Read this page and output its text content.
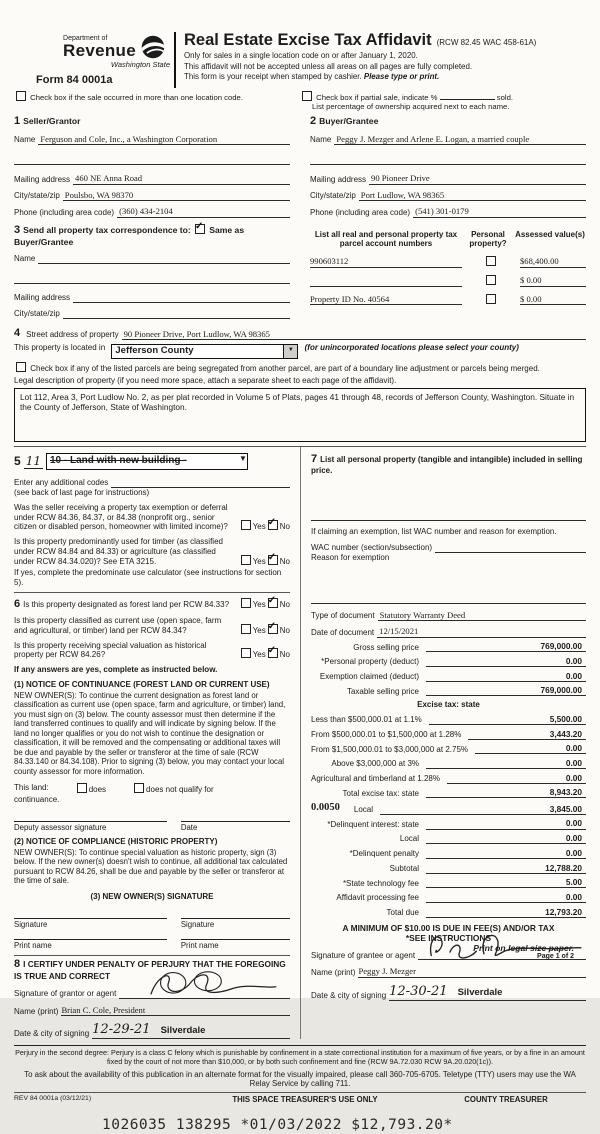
Department of
Revenue
Washington State
Form 84 0001a
Real Estate Excise Tax Affidavit (RCW 82.45 WAC 458-61A)
Only for sales in a single location code on or after January 1, 2020.
This affidavit will not be accepted unless all areas on all pages are fully completed.
This form is your receipt when stamped by cashier. Please type or print.
Check box if the sale occurred in more than one location code.	Check box if partial sale, indicate %	sold.
List percentage of ownership acquired next to each name.
1 Seller/Grantor
Name Ferguson and Cole, Inc., a Washington Corporation
Mailing address 460 NE Anna Road
City/state/zip Poulsbo, WA 98370
Phone (including area code) (360) 434-2104
2 Buyer/Grantee
Name Peggy J. Mezger and Arlene E. Logan, a married couple
Mailing address 90 Pioneer Drive
City/state/zip Port Ludlow, WA 98365
Phone (including area code) (541) 301-0179
3 Send all property tax correspondence to: ✓ Same as Buyer/Grantee
Name
Mailing address
City/state/zip
List all real and personal property tax parcel account numbers
Personal property?
Assessed value(s)
990603112	$68,400.00
$ 0.00
Property ID No. 40564	$ 0.00
4 Street address of property 90 Pioneer Drive, Port Ludlow, WA 98365
This property is located in	Jefferson County	▼	(for unincorporated locations please select your county)
Check box if any of the listed parcels are being segregated from another parcel, are part of a boundary line adjustment or parcels being merged.
Legal description of property (if you need more space, attach a separate sheet to each page of the affidavit).
Lot 112, Area 3, Port Ludlow No. 2, as per plat recorded in Volume 5 of Plats, pages 41 through 48, records of Jefferson County, Washington. Situate in the County of Jefferson, State of Washington.
5 11 10 - Land with new building -	▼
Enter any additional codes
(see back of last page for instructions)
Was the seller receiving a property tax exemption or deferral under RCW 84.36, 84.37, or 84.38 (nonprofit org., senior citizen or disabled person, homeowner with limited income)?	Yes ✓ No
Is this property predominantly used for timber (as classified under RCW 84.84 and 84.33) or agriculture (as classified under RCW 84.34.020)? See ETA 3215.	Yes ✓ No
If yes, complete the predominate use calculator (see instructions for section 5).
6 Is this property designated as forest land per RCW 84.33?	Yes ✓ No
Is this property classified as current use (open space, farm and agricultural, or timber) land per RCW 84.34?	Yes ✓ No
Is this property receiving special valuation as historical property per RCW 84.26?	Yes ✓ No
If any answers are yes, complete as instructed below.
(1) NOTICE OF CONTINUANCE (FOREST LAND OR CURRENT USE)
NEW OWNER(S): To continue the current designation as forest land or classification as current use (open space, farm and agriculture, or timber) land, you must sign on (3) below. The county assessor must then determine if the land transferred continues to qualify and will indicate by signing below. If the land no longer qualifies or you do not wish to continue the designation or classification, it will be removed and the compensating or additional taxes will be due and payable by the seller or transferor at the time of sale (RCW 84.33.140 or 84.34.108). Prior to signing (3) below, you may contact your local county assessor for more information.
This land:	does	does not qualify for
continuance.
Deputy assessor signature	Date
(2) NOTICE OF COMPLIANCE (HISTORIC PROPERTY)
NEW OWNER(S): To continue special valuation as historic property, sign (3) below. If the new owner(s) doesn't wish to continue, all additional tax calculated pursuant to RCW 84.26, shall be due and payable by the seller or transferor at the time of sale.
(3) NEW OWNER(S) SIGNATURE
Signature	Signature
Print name	Print name
8 I CERTIFY UNDER PENALTY OF PERJURY THAT THE FOREGOING IS TRUE AND CORRECT
Signature of grantor or agent
Name (print) Brian C. Cole, President
Date & city of signing 12-29-21 Silverdale
7 List all personal property (tangible and intangible) included in selling price.
If claiming an exemption, list WAC number and reason for exemption.
WAC number (section/subsection)
Reason for exemption
Type of document Statutory Warranty Deed
Date of document 12/15/2021
Gross selling price	769,000.00
*Personal property (deduct)	0.00
Exemption claimed (deduct)	0.00
Taxable selling price	769,000.00
Excise tax: state
Less than $500,000.01 at 1.1%	5,500.00
From $500,000.01 to $1,500,000 at 1.28%	3,443.20
From $1,500,000.01 to $3,000,000 at 2.75%	0.00
Above $3,000,000 at 3%	0.00
Agricultural and timberland at 1.28%	0.00
Total excise tax: state	8,943.20
0.0050 Local	3,845.00
*Delinquent interest: state	0.00
Local	0.00
*Delinquent penalty	0.00
Subtotal	12,788.20
*State technology fee	5.00
Affidavit processing fee	0.00
Total due	12,793.20
A MINIMUM OF $10.00 IS DUE IN FEE(S) AND/OR TAX
*SEE INSTRUCTIONS
Signature of grantee or agent
Name (print) Peggy J. Mezger
Date & city of signing 12-30-21 Silverdale
Perjury in the second degree: Perjury is a class C felony which is punishable by confinement in a state correctional institution for a maximum of five years, or by a fine in an amount fixed by the court of not more than $10,000, or by both such confinement and fine (RCW 9A.72.030 RCW 9A.20.020(1c)).
To ask about the availability of this publication in an alternate format for the visually impaired, please call 360-705-6705. Teletype (TTY) users may use the WA Relay Service by calling 711.
REV 84 0001a (03/12/21)	THIS SPACE TREASURER'S USE ONLY	COUNTY TREASURER
1026035 138295 *01/03/2022 $12,793.20*
Print on legal size paper.
Page 1 of 2
